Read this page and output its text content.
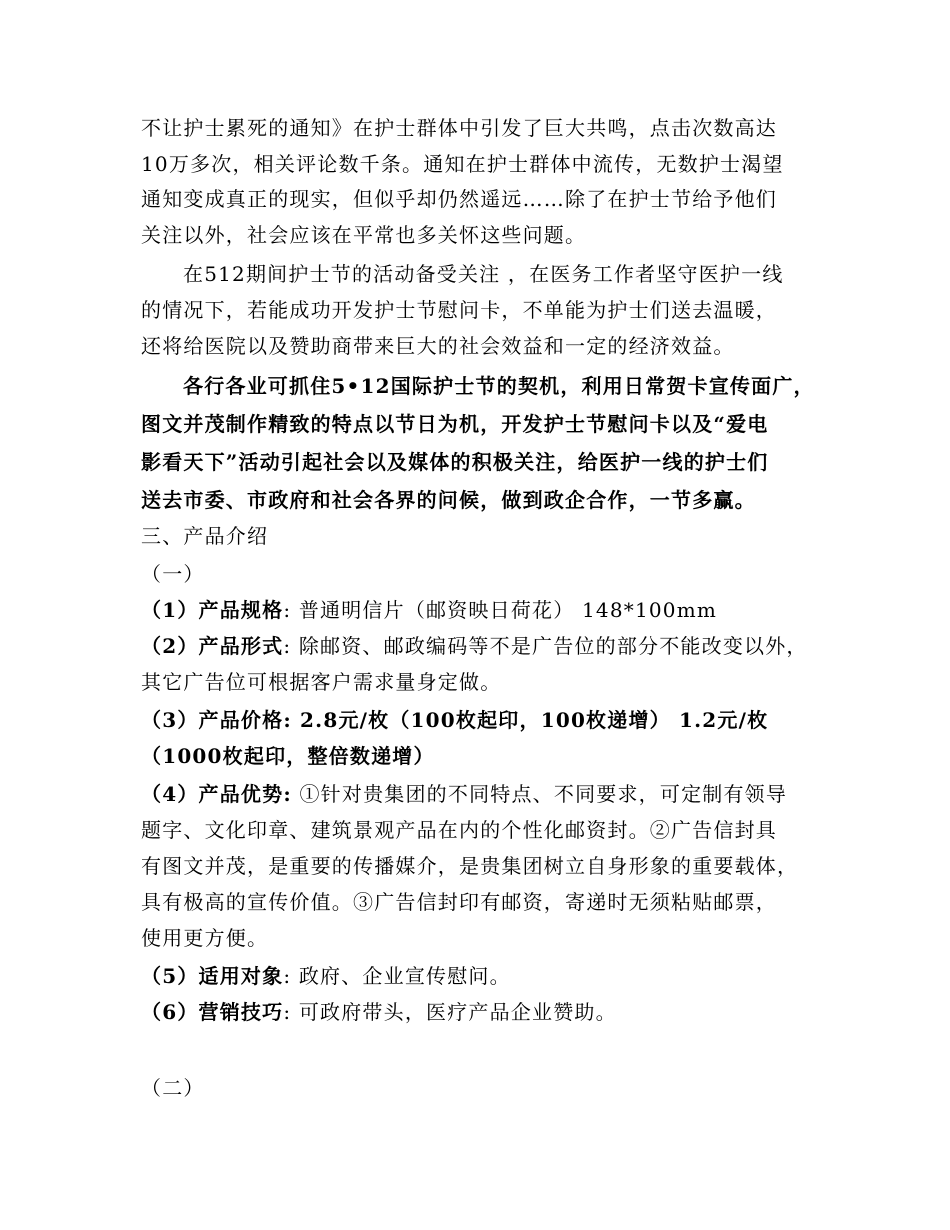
不让护士累死的通知》在护士群体中引发了巨大共鸣，点击次数高达
10万多次，相关评论数千条。通知在护士群体中流传，无数护士渴望
通知变成真正的现实，但似乎却仍然遥远……除了在护士节给予他们
关注以外，社会应该在平常也多关怀这些问题。
在512期间护士节的活动备受关注 ，在医务工作者坚守医护一线
的情况下，若能成功开发护士节慰问卡，不单能为护士们送去温暖，
还将给医院以及赞助商带来巨大的社会效益和一定的经济效益。
各行各业可抓住5•12国际护士节的契机，利用日常贺卡宣传面广，
图文并茂制作精致的特点以节日为机，开发护士节慰问卡以及“爱电
影看天下”活动引起社会以及媒体的积极关注，给医护一线的护士们
送去市委、市政府和社会各界的问候，做到政企合作，一节多赢。
三、产品介绍
（一）
（1）产品规格: 普通明信片（邮资映日荷花） 148*100mm
（2）产品形式: 除邮资、邮政编码等不是广告位的部分不能改变以外，
其它广告位可根据客户需求量身定做。
（3）产品价格: 2.8元/枚（100枚起印，100枚递增） 1.2元/枚
（1000枚起印，整倍数递增）
（4）产品优势: ①针对贵集团的不同特点、不同要求，可定制有领导
题字、文化印章、建筑景观产品在内的个性化邮资封。②广告信封具
有图文并茂，是重要的传播媒介，是贵集团树立自身形象的重要载体，
具有极高的宣传价值。③广告信封印有邮资，寄递时无须粘贴邮票，
使用更方便。
（5）适用对象: 政府、企业宣传慰问。
（6）营销技巧: 可政府带头，医疗产品企业赞助。
（二）
